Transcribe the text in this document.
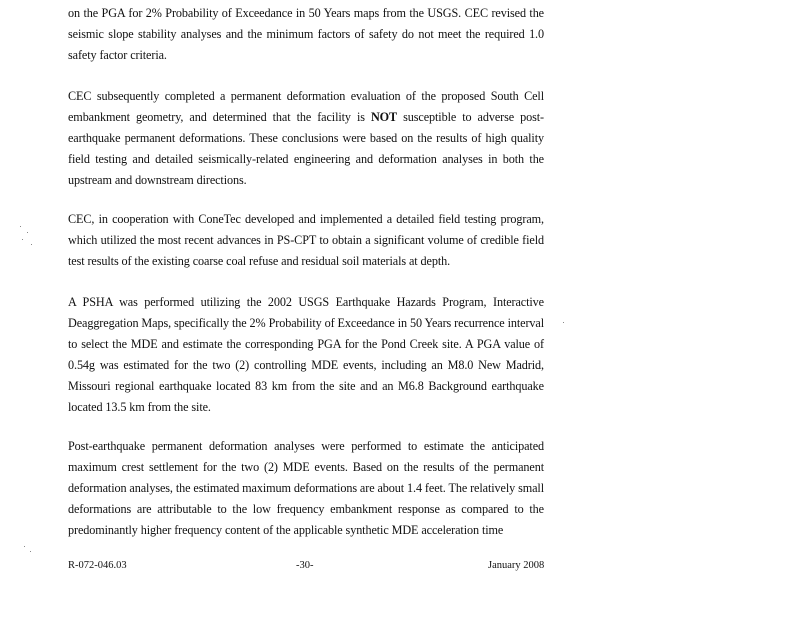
on the PGA for 2% Probability of Exceedance in 50 Years maps from the USGS. CEC revised the seismic slope stability analyses and the minimum factors of safety do not meet the required 1.0 safety factor criteria.

CEC subsequently completed a permanent deformation evaluation of the proposed South Cell embankment geometry, and determined that the facility is NOT susceptible to adverse post-earthquake permanent deformations. These conclusions were based on the results of high quality field testing and detailed seismically-related engineering and deformation analyses in both the upstream and downstream directions.

CEC, in cooperation with ConeTec developed and implemented a detailed field testing program, which utilized the most recent advances in PS-CPT to obtain a significant volume of credible field test results of the existing coarse coal refuse and residual soil materials at depth.

A PSHA was performed utilizing the 2002 USGS Earthquake Hazards Program, Interactive Deaggregation Maps, specifically the 2% Probability of Exceedance in 50 Years recurrence interval to select the MDE and estimate the corresponding PGA for the Pond Creek site. A PGA value of 0.54g was estimated for the two (2) controlling MDE events, including an M8.0 New Madrid, Missouri regional earthquake located 83 km from the site and an M6.8 Background earthquake located 13.5 km from the site.

Post-earthquake permanent deformation analyses were performed to estimate the anticipated maximum crest settlement for the two (2) MDE events. Based on the results of the permanent deformation analyses, the estimated maximum deformations are about 1.4 feet. The relatively small deformations are attributable to the low frequency embankment response as compared to the predominantly higher frequency content of the applicable synthetic MDE acceleration time

R-072-046.03	-30-	January 2008
